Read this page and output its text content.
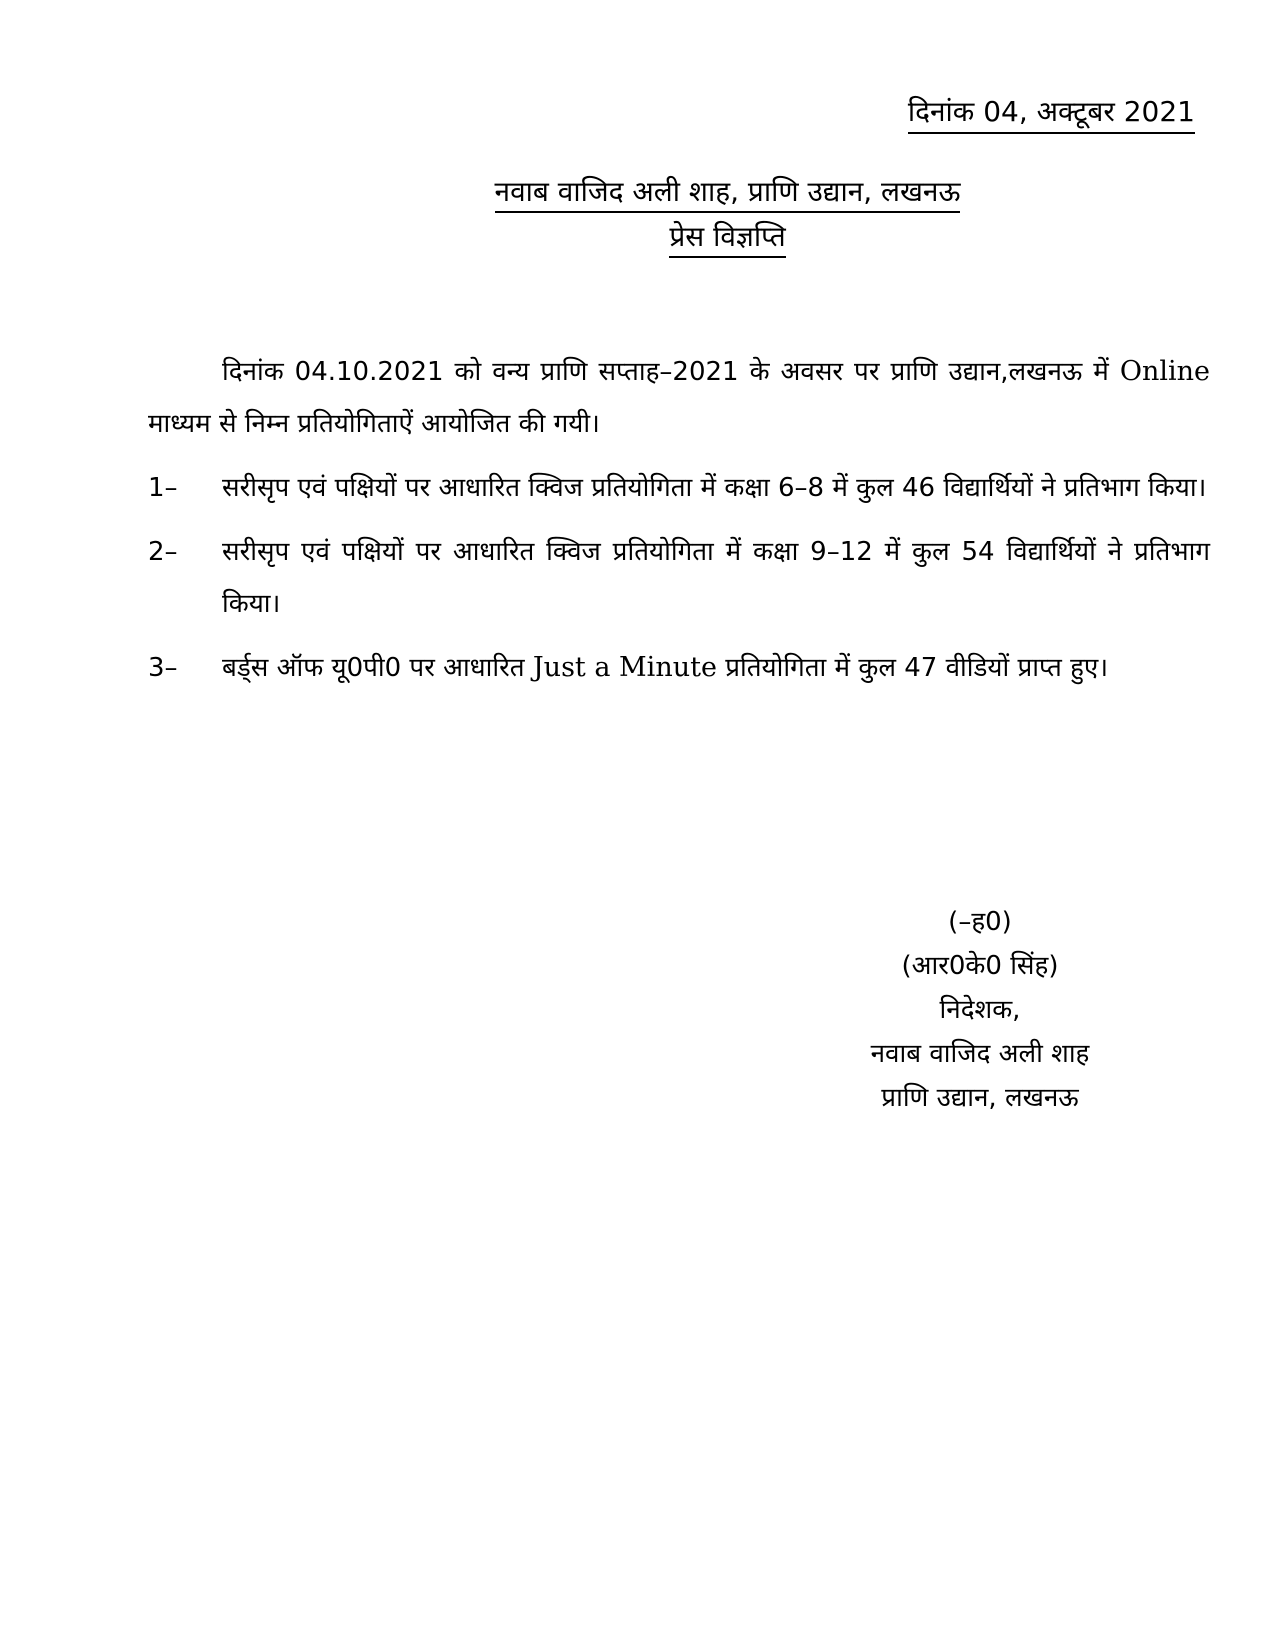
दिनांक 04, अक्टूबर 2021
नवाब वाजिद अली शाह, प्राणि उद्यान, लखनऊ
प्रेस विज्ञप्ति

दिनांक 04.10.2021 को वन्य प्राणि सप्ताह–2021 के अवसर पर प्राणि उद्यान,लखनऊ में Online माध्यम से निम्न प्रतियोगिताऐं आयोजित की गयी।

1–	सरीसृप एवं पक्षियों पर आधारित क्विज प्रतियोगिता में कक्षा 6–8 में कुल 46 विद्यार्थियों ने प्रतिभाग किया।
2–	सरीसृप एवं पक्षियों पर आधारित क्विज प्रतियोगिता में कक्षा 9–12 में कुल 54 विद्यार्थियों ने प्रतिभाग किया।
3–	बर्ड्स ऑफ यू0पी0 पर आधारित Just a Minute प्रतियोगिता में कुल 47 वीडियों प्राप्त हुए।
(–ह0)
(आर0के0 सिंह)
निदेशक,
नवाब वाजिद अली शाह
प्राणि उद्यान, लखनऊ
